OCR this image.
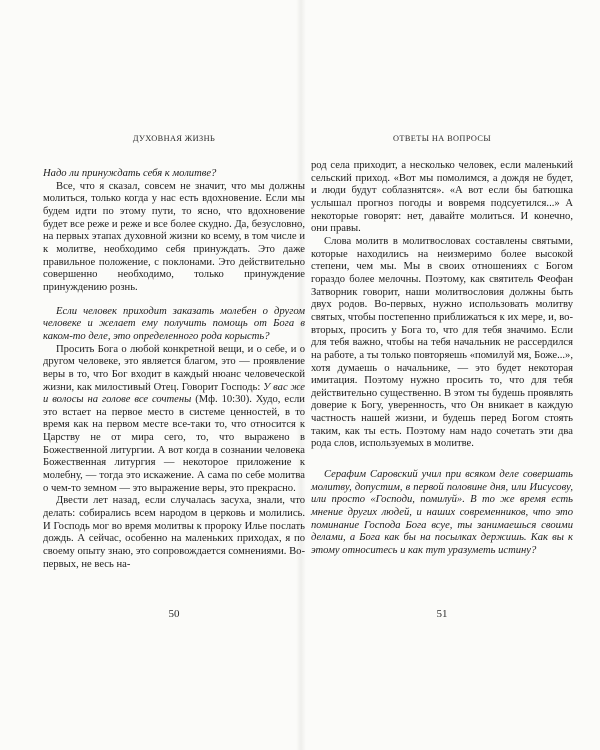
ДУХОВНАЯ ЖИЗНЬ

Надо ли принуждать себя к молитве?

Все, что я сказал, совсем не значит, что мы должны молиться, только когда у нас есть вдохновение. Если мы будем идти по этому пути, то ясно, что вдохновение будет все реже и реже и все более скудно. Да, безусловно, на первых этапах духовной жизни ко всему, в том числе и к молитве, необходимо себя принуждать. Это даже правильное положение, с поклонами. Это действительно совершенно необходимо, только принуждение принуждению рознь.

Если человек приходит заказать молебен о другом человеке и желает ему получить помощь от Бога в каком-то деле, это определенного рода корысть?

Просить Бога о любой конкретной вещи, и о себе, и о другом человеке, это является благом, это — проявление веры в то, что Бог входит в каждый нюанс человеческой жизни, как милостивый Отец. Говорит Господь: У вас же и волосы на голове все сочтены (Мф. 10:30). Худо, если это встает на первое место в системе ценностей, в то время как на первом месте все-таки то, что относится к Царству не от мира сего, то, что выражено в Божественной литургии. А вот когда в сознании человека Божественная литургия — некоторое приложение к молебну, — тогда это искажение. А сама по себе молитва о чем-то земном — это выражение веры, это прекрасно.

Двести лет назад, если случалась засуха, знали, что делать: собирались всем народом в церковь и молились. И Господь мог во время молитвы к пророку Илье послать дождь. А сейчас, особенно на маленьких приходах, я по своему опыту знаю, это сопровождается сомнениями. Во-первых, не весь на-

50
ОТВЕТЫ НА ВОПРОСЫ

род села приходит, а несколько человек, если маленький сельский приход. «Вот мы помолимся, а дождя не будет, и люди будут соблазнятся». «А вот если бы батюшка услышал прогноз погоды и вовремя подсуетился...» А некоторые говорят: нет, давайте молиться. И конечно, они правы.

Слова молитв в молитвословах составлены святыми, которые находились на неизмеримо более высокой степени, чем мы. Мы в своих отношениях с Богом гораздо более мелочны. Поэтому, как святитель Феофан Затворник говорит, наши молитвословия должны быть двух родов. Во-первых, нужно использовать молитву святых, чтобы постепенно приближаться к их мере, и, во-вторых, просить у Бога то, что для тебя значимо. Если для тебя важно, чтобы на тебя начальник не рассердился на работе, а ты только повторяешь «помилуй мя, Боже...», хотя думаешь о начальнике, — это будет некоторая имитация. Поэтому нужно просить то, что для тебя действительно существенно. В этом ты будешь проявлять доверие к Богу, уверенность, что Он вникает в каждую частность нашей жизни, и будешь перед Богом стоять таким, как ты есть. Поэтому нам надо сочетать эти два рода слов, используемых в молитве.

Серафим Саровский учил при всяком деле совершать молитву, допустим, в первой половине дня, или Иисусову, или просто «Господи, помилуй». В то же время есть мнение других людей, и наших современников, что это поминание Господа Бога всуе, ты занимаешься своими делами, а Бога как бы на посылках держишь. Как вы к этому относитесь и как тут уразуметь истину?

51
